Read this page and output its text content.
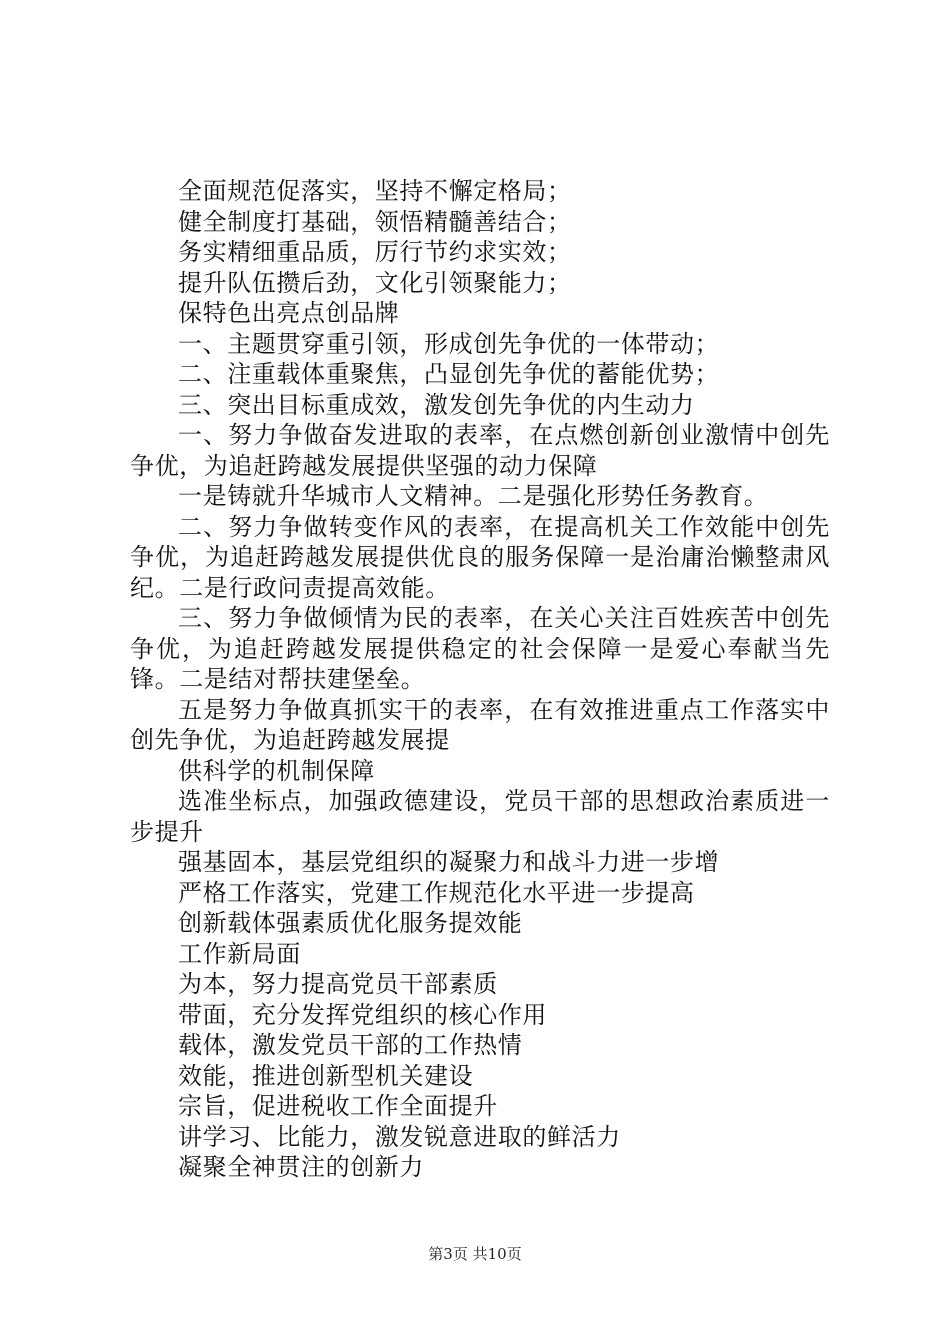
全面规范促落实，坚持不懈定格局；

健全制度打基础，领悟精髓善结合；

务实精细重品质，厉行节约求实效；

提升队伍攒后劲，文化引领聚能力；

保特色出亮点创品牌

一、主题贯穿重引领，形成创先争优的一体带动；

二、注重载体重聚焦，凸显创先争优的蓄能优势；

三、突出目标重成效，激发创先争优的内生动力

一、努力争做奋发进取的表率，在点燃创新创业激情中创先争优，为追赶跨越发展提供坚强的动力保障

一是铸就升华城市人文精神。二是强化形势任务教育。

二、努力争做转变作风的表率，在提高机关工作效能中创先争优，为追赶跨越发展提供优良的服务保障一是治庸治懒整肃风纪。二是行政问责提高效能。

三、努力争做倾情为民的表率，在关心关注百姓疾苦中创先争优，为追赶跨越发展提供稳定的社会保障一是爱心奉献当先锋。二是结对帮扶建堡垒。

五是努力争做真抓实干的表率，在有效推进重点工作落实中创先争优，为追赶跨越发展提

供科学的机制保障

选准坐标点，加强政德建设，党员干部的思想政治素质进一步提升

强基固本，基层党组织的凝聚力和战斗力进一步增

严格工作落实，党建工作规范化水平进一步提高

创新载体强素质优化服务提效能

工作新局面

为本，努力提高党员干部素质

带面，充分发挥党组织的核心作用

载体，激发党员干部的工作热情

效能，推进创新型机关建设

宗旨，促进税收工作全面提升

讲学习、比能力，激发锐意进取的鲜活力

凝聚全神贯注的创新力

第3页 共10页
